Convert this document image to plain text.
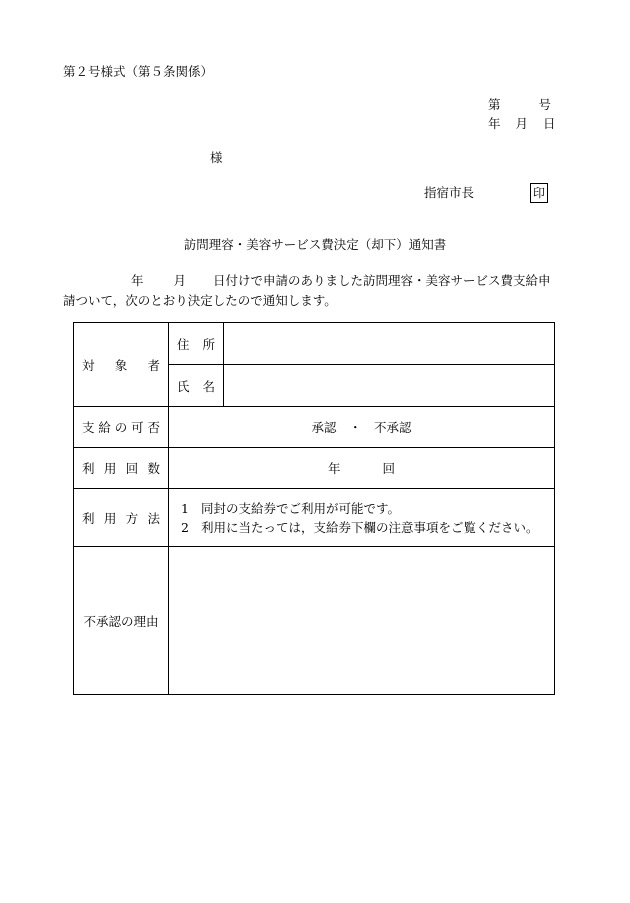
第２号様式（第５条関係）
第	号
年 月 日
様
指宿市長	印
訪問理容・美容サービス費決定（却下）通知書
年 月 日付けで申請のありました訪問理容・美容サービス費支給申
請ついて，次のとおり決定したので通知します。
対象者	住所	
	氏名	
支給の可否	承認　・　不承認	
利用回数	年 回	
利用方法	1 同封の支給券でご利用が可能です。

2 利用に当たっては，支給券下欄の注意事項をご覧ください。	

不承認の理由		
